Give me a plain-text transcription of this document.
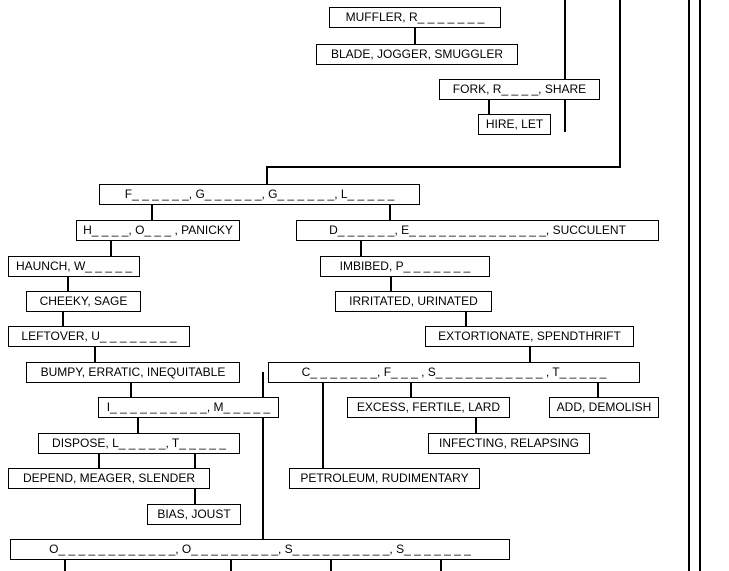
MUFFLER, R_ _ _ _ _ _ _
BLADE, JOGGER, SMUGGLER
FORK, R_ _ _ _, SHARE
HIRE, LET
F_ _ _ _ _ _, G_ _ _ _ _ _, G_ _ _ _ _ _, L_ _ _ _ _
H_ _ _ _, O_ _ _ , PANICKY	D_ _ _ _ _ _, E_ _ _ _ _ _ _ _ _ _ _ _ _ _, SUCCULENT
HAUNCH, W_ _ _ _ _	IMBIBED, P_ _ _ _ _ _ _
CHEEKY, SAGE	IRRITATED, URINATED
LEFTOVER, U_ _ _ _ _ _ _ _	EXTORTIONATE, SPENDTHRIFT
BUMPY, ERRATIC, INEQUITABLE	C_ _ _ _ _ _ _, F_ _ _ , S_ _ _ _ _ _ _ _ _ _ _ , T_ _ _ _ _
I_ _ _ _ _ _ _ _ _ _, M_ _ _ _ _	EXCESS, FERTILE, LARD	ADD, DEMOLISH
DISPOSE, L_ _ _ _ _, T_ _ _ _ _	INFECTING, RELAPSING
DEPEND, MEAGER, SLENDER	PETROLEUM, RUDIMENTARY
BIAS, JOUST
O_ _ _ _ _ _ _ _ _ _ _ _, O_ _ _ _ _ _ _ _ _, S_ _ _ _ _ _ _ _ _ _, S_ _ _ _ _ _ _
